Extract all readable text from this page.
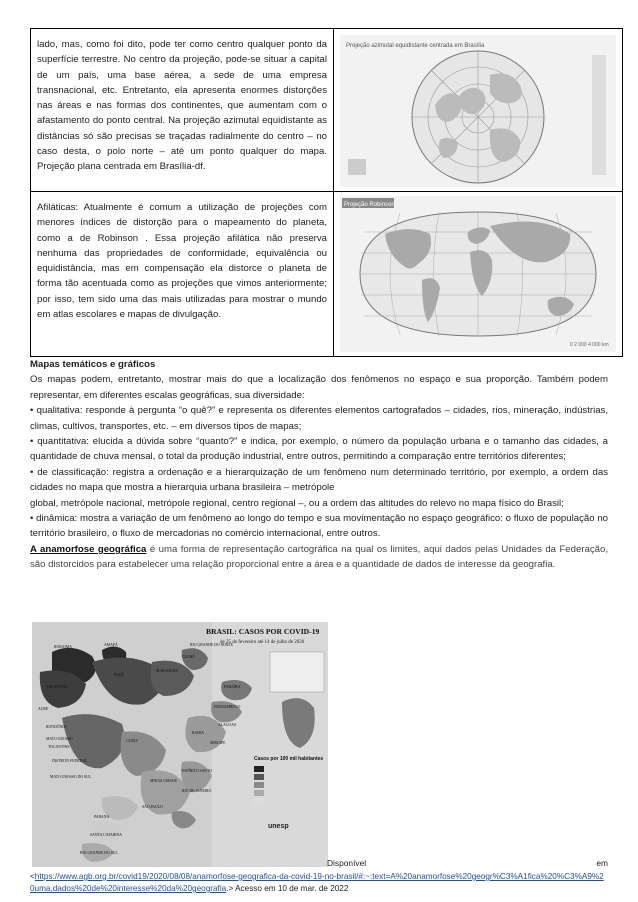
lado, mas, como foi dito, pode ter como centro qualquer ponto da superfície terrestre. No centro da projeção, pode-se situar a capital de um país, uma base aérea, a sede de uma empresa transnacional, etc. Entretanto, ela apresenta enormes distorções nas áreas e nas formas dos continentes, que aumentam com o afastamento do ponto central. Na projeção azimutal equidistante as distâncias só são precisas se traçadas radialmente do centro – no caso desta, o polo norte – até um ponto qualquer do mapa. Projeção plana centrada em Brasília-df.	Projeção azimutal equidistante centrada em Brasília

Afiláticas: Atualmente é comum a utilização de projeções com menores índices de distorção para o mapeamento do planeta, como a de Robinson . Essa projeção afilática não preserva nenhuma das propriedades de conformidade, equivalência ou equidistância, mas em compensação ela distorce o planeta de forma tão acentuada como as projeções que vimos anteriormente; por isso, tem sido uma das mais utilizadas para mostrar o mundo em atlas escolares e mapas de divulgação.	Projeção Robinson
0 2 000 4 000 km

Mapas temáticos e gráficos

Os mapas podem, entretanto, mostrar mais do que a localização dos fenômenos no espaço e sua proporção. Também podem representar, em diferentes escalas geográficas, sua diversidade:

• qualitativa: responde à pergunta “o quê?” e representa os diferentes elementos cartografados – cidades, rios, mineração, indústrias, climas, cultivos, transportes, etc. – em diversos tipos de mapas;

• quantitativa: elucida a dúvida sobre “quanto?” e indica, por exemplo, o número da população urbana e o tamanho das cidades, a quantidade de chuva mensal, o total da produção industrial, entre outros, permitindo a comparação entre territórios diferentes;

• de classificação: registra a ordenação e a hierarquização de um fenômeno num determinado território, por exemplo, a ordem das cidades no mapa que mostra a hierarquia urbana brasileira – metrópole

global, metrópole nacional, metrópole regional, centro regional –, ou a ordem das altitudes do relevo no mapa físico do Brasil;

• dinâmica: mostra a variação de um fenômeno ao longo do tempo e sua movimentação no espaço geográfico: o fluxo de população no território brasileiro, o fluxo de mercadorias no comércio internacional, entre outros.

A anamorfose geográfica é uma forma de representação cartográfica na qual os limites, aqui dados pelas Unidades da Federação, são distorcidos para estabelecer uma relação proporcional entre a área e a quantidade de dados de interesse da geografia.

BRASIL: CASOS POR COVID-19
de 25 de fevereiro até 14 de julho de 2020
Casos por 100 mil habitantes
unesp
RORAIMA	AMAPÁ
PARÁ
MARANHÃO
CEARÁ
RIO GRANDE DO NORTE
PARAÍBA
PERNAMBUCO
ALAGOAS
SERGIPE
BAHIA
AMAZONAS
ACRE
RONDÔNIA
MATO GROSSO
TOCANTINS
GOIÁS
DISTRITO FEDERAL
MATO GROSSO DO SUL
MINAS GERAIS
ESPÍRITO SANTO
RIO DE JANEIRO
SÃO PAULO
PARANÁ
SANTA CATARINA
RIO GRANDE DO SUL
Disponível	em
<https://www.agb.org.br/covid19/2020/08/08/anamorfose-geografica-da-covid-19-no-brasil/#:~:text=A%20anamorfose%20geogr%C3%A1fica%20%C3%A9%20uma,dados%20de%20interesse%20da%20geografia.> Acesso em 10 de mar. de 2022
